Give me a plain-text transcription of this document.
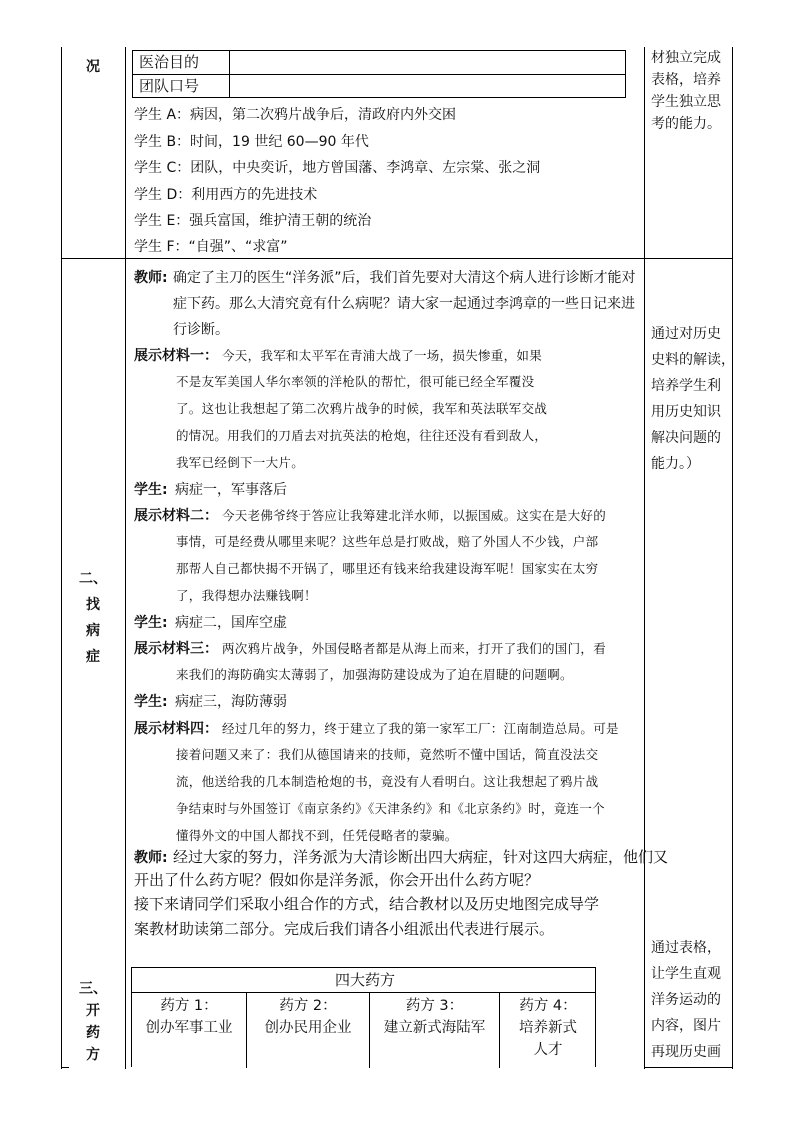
况	医治目的
团队口号
学生 A：病因，第二次鸦片战争后，清政府内外交困
学生 B：时间，19 世纪 60—90 年代
学生 C：团队，中央奕䜣，地方曾国藩、李鸿章、左宗棠、张之洞
学生 D：利用西方的先进技术
学生 E：强兵富国，维护清王朝的统治
学生 F：“自强”、“求富”
材独立完成
表格，培养
学生独立思
考的能力。
二、
找
病
症
教师: 确定了主刀的医生“洋务派”后，我们首先要对大清这个病人进行诊断才能对
症下药。那么大清究竟有什么病呢？请大家一起通过李鸿章的一些日记来进
行诊断。
展示材料一： 今天，我军和太平军在青浦大战了一场，损失惨重，如果
不是友军美国人华尔率领的洋枪队的帮忙，很可能已经全军覆没
了。这也让我想起了第二次鸦片战争的时候，我军和英法联军交战
的情况。用我们的刀盾去对抗英法的枪炮，往往还没有看到敌人，
我军已经倒下一大片。
学生: 病症一，军事落后
展示材料二： 今天老佛爷终于答应让我筹建北洋水师，以振国威。这实在是大好的
事情，可是经费从哪里来呢？这些年总是打败战，赔了外国人不少钱，户部
那帮人自己都快揭不开锅了，哪里还有钱来给我建设海军呢！国家实在太穷
了，我得想办法赚钱啊！
学生: 病症二，国库空虚
展示材料三： 两次鸦片战争，外国侵略者都是从海上而来，打开了我们的国门，看
来我们的海防确实太薄弱了，加强海防建设成为了迫在眉睫的问题啊。
学生: 病症三，海防薄弱
展示材料四： 经过几年的努力，终于建立了我的第一家军工厂：江南制造总局。可是
接着问题又来了：我们从德国请来的技师，竟然听不懂中国话，简直没法交
流，他送给我的几本制造枪炮的书，竟没有人看明白。这让我想起了鸦片战
争结束时与外国签订《南京条约》《天津条约》和《北京条约》时，竟连一个
懂得外文的中国人都找不到，任凭侵略者的蒙骗。
教师: 经过大家的努力，洋务派为大清诊断出四大病症，针对这四大病症，他们又
开出了什么药方呢？假如你是洋务派，你会开出什么药方呢？
接下来请同学们采取小组合作的方式，结合教材以及历史地图完成导学
案教材助读第二部分。完成后我们请各小组派出代表进行展示。
通过对历史
史料的解读，
培养学生利
用历史知识
解决问题的
能力。）
三、
开
药
方
四大药方
药方 1：
创办军事工业
药方 2：
创办民用企业
药方 3：
建立新式海陆军
药方 4：
培养新式
人才
通过表格，
让学生直观
洋务运动的
内容，图片
再现历史画
